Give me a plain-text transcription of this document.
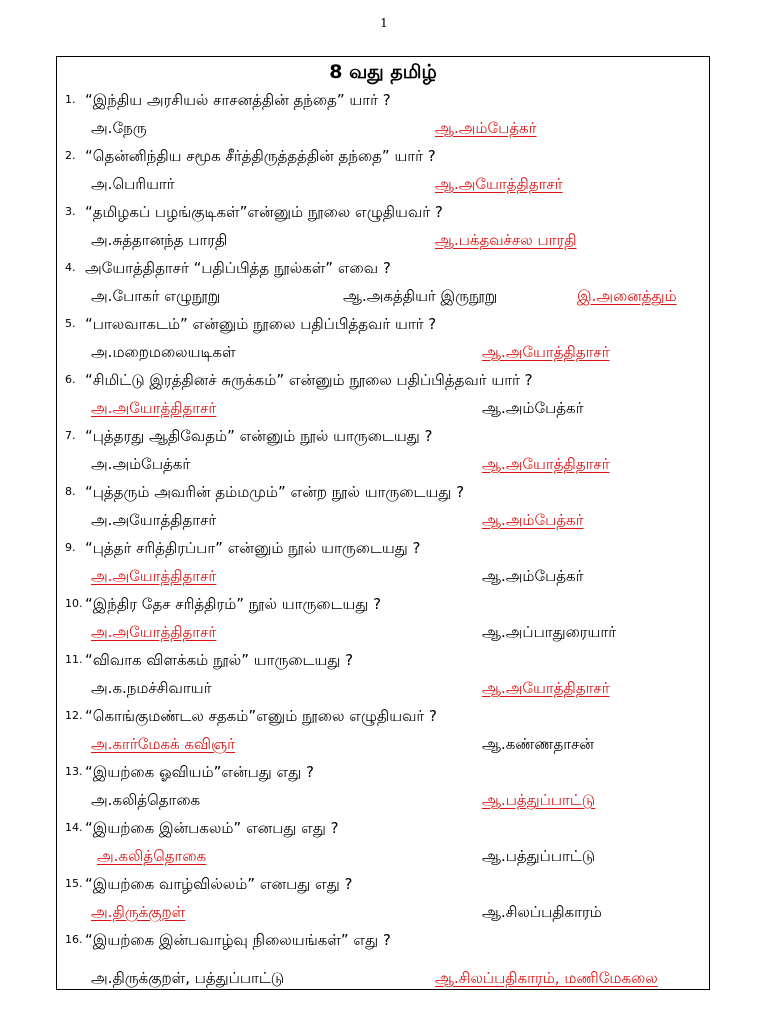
1
8 வது தமிழ்
1. “இந்திய அரசியல் சாசனத்தின் தந்தை” யார் ?
அ.நேரு	ஆ.அம்பேத்கர்
2. “தென்னிந்திய சமூக சீர்த்திருத்தத்தின் தந்தை” யார் ?
அ.பெரியார்	ஆ.அயோத்திதாசர்
3. “தமிழகப் பழங்குடிகள்”என்னும் நூலை எழுதியவர் ?
அ.சுத்தானந்த பாரதி	ஆ.பக்தவச்சல பாரதி
4. அயோத்திதாசர் “பதிப்பித்த நூல்கள்” எவை ?
அ.போகர் எழுநூறு	ஆ.அகத்தியர் இருநூறு	இ.அனைத்தும்
5. “பாலவாகடம்” என்னும் நூலை பதிப்பித்தவர் யார் ?
அ.மறைமலையடிகள்	ஆ.அயோத்திதாசர்
6. “சிமிட்டு இரத்தினச் சுருக்கம்” என்னும் நூலை பதிப்பித்தவர் யார் ?
அ.அயோத்திதாசர்	ஆ.அம்பேத்கர்
7. “புத்தரது ஆதிவேதம்” என்னும் நூல் யாருடையது ?
அ.அம்பேத்கர்	ஆ.அயோத்திதாசர்
8. “புத்தரும் அவரின் தம்மமும்” என்ற நூல் யாருடையது ?
அ.அயோத்திதாசர்	ஆ.அம்பேத்கர்
9. “புத்தர் சரித்திரப்பா” என்னும் நூல் யாருடையது ?
அ.அயோத்திதாசர்	ஆ.அம்பேத்கர்
10. “இந்திர தேச சரித்திரம்” நூல் யாருடையது ?
அ.அயோத்திதாசர்	ஆ.அப்பாதுரையார்
11. “விவாக விளக்கம் நூல்” யாருடையது ?
அ.க.நமச்சிவாயர்	ஆ.அயோத்திதாசர்
12. “கொங்குமண்டல சதகம்”எனும் நூலை எழுதியவர் ?
அ.கார்மேகக் கவிஞர்	ஆ.கண்ணதாசன்
13. “இயற்கை ஓவியம்”என்பது எது ?
அ.கலித்தொகை	ஆ.பத்துப்பாட்டு
14. “இயற்கை இன்பகலம்” எனபது எது ?
அ.கலித்தொகை	ஆ.பத்துப்பாட்டு
15. “இயற்கை வாழ்வில்லம்” எனபது எது ?
அ.திருக்குறள்	ஆ.சிலப்பதிகாரம்
16. “இயற்கை இன்பவாழ்வு நிலையங்கள்” எது ?
அ.திருக்குறள், பத்துப்பாட்டு	ஆ.சிலப்பதிகாரம், மணிமேகலை
